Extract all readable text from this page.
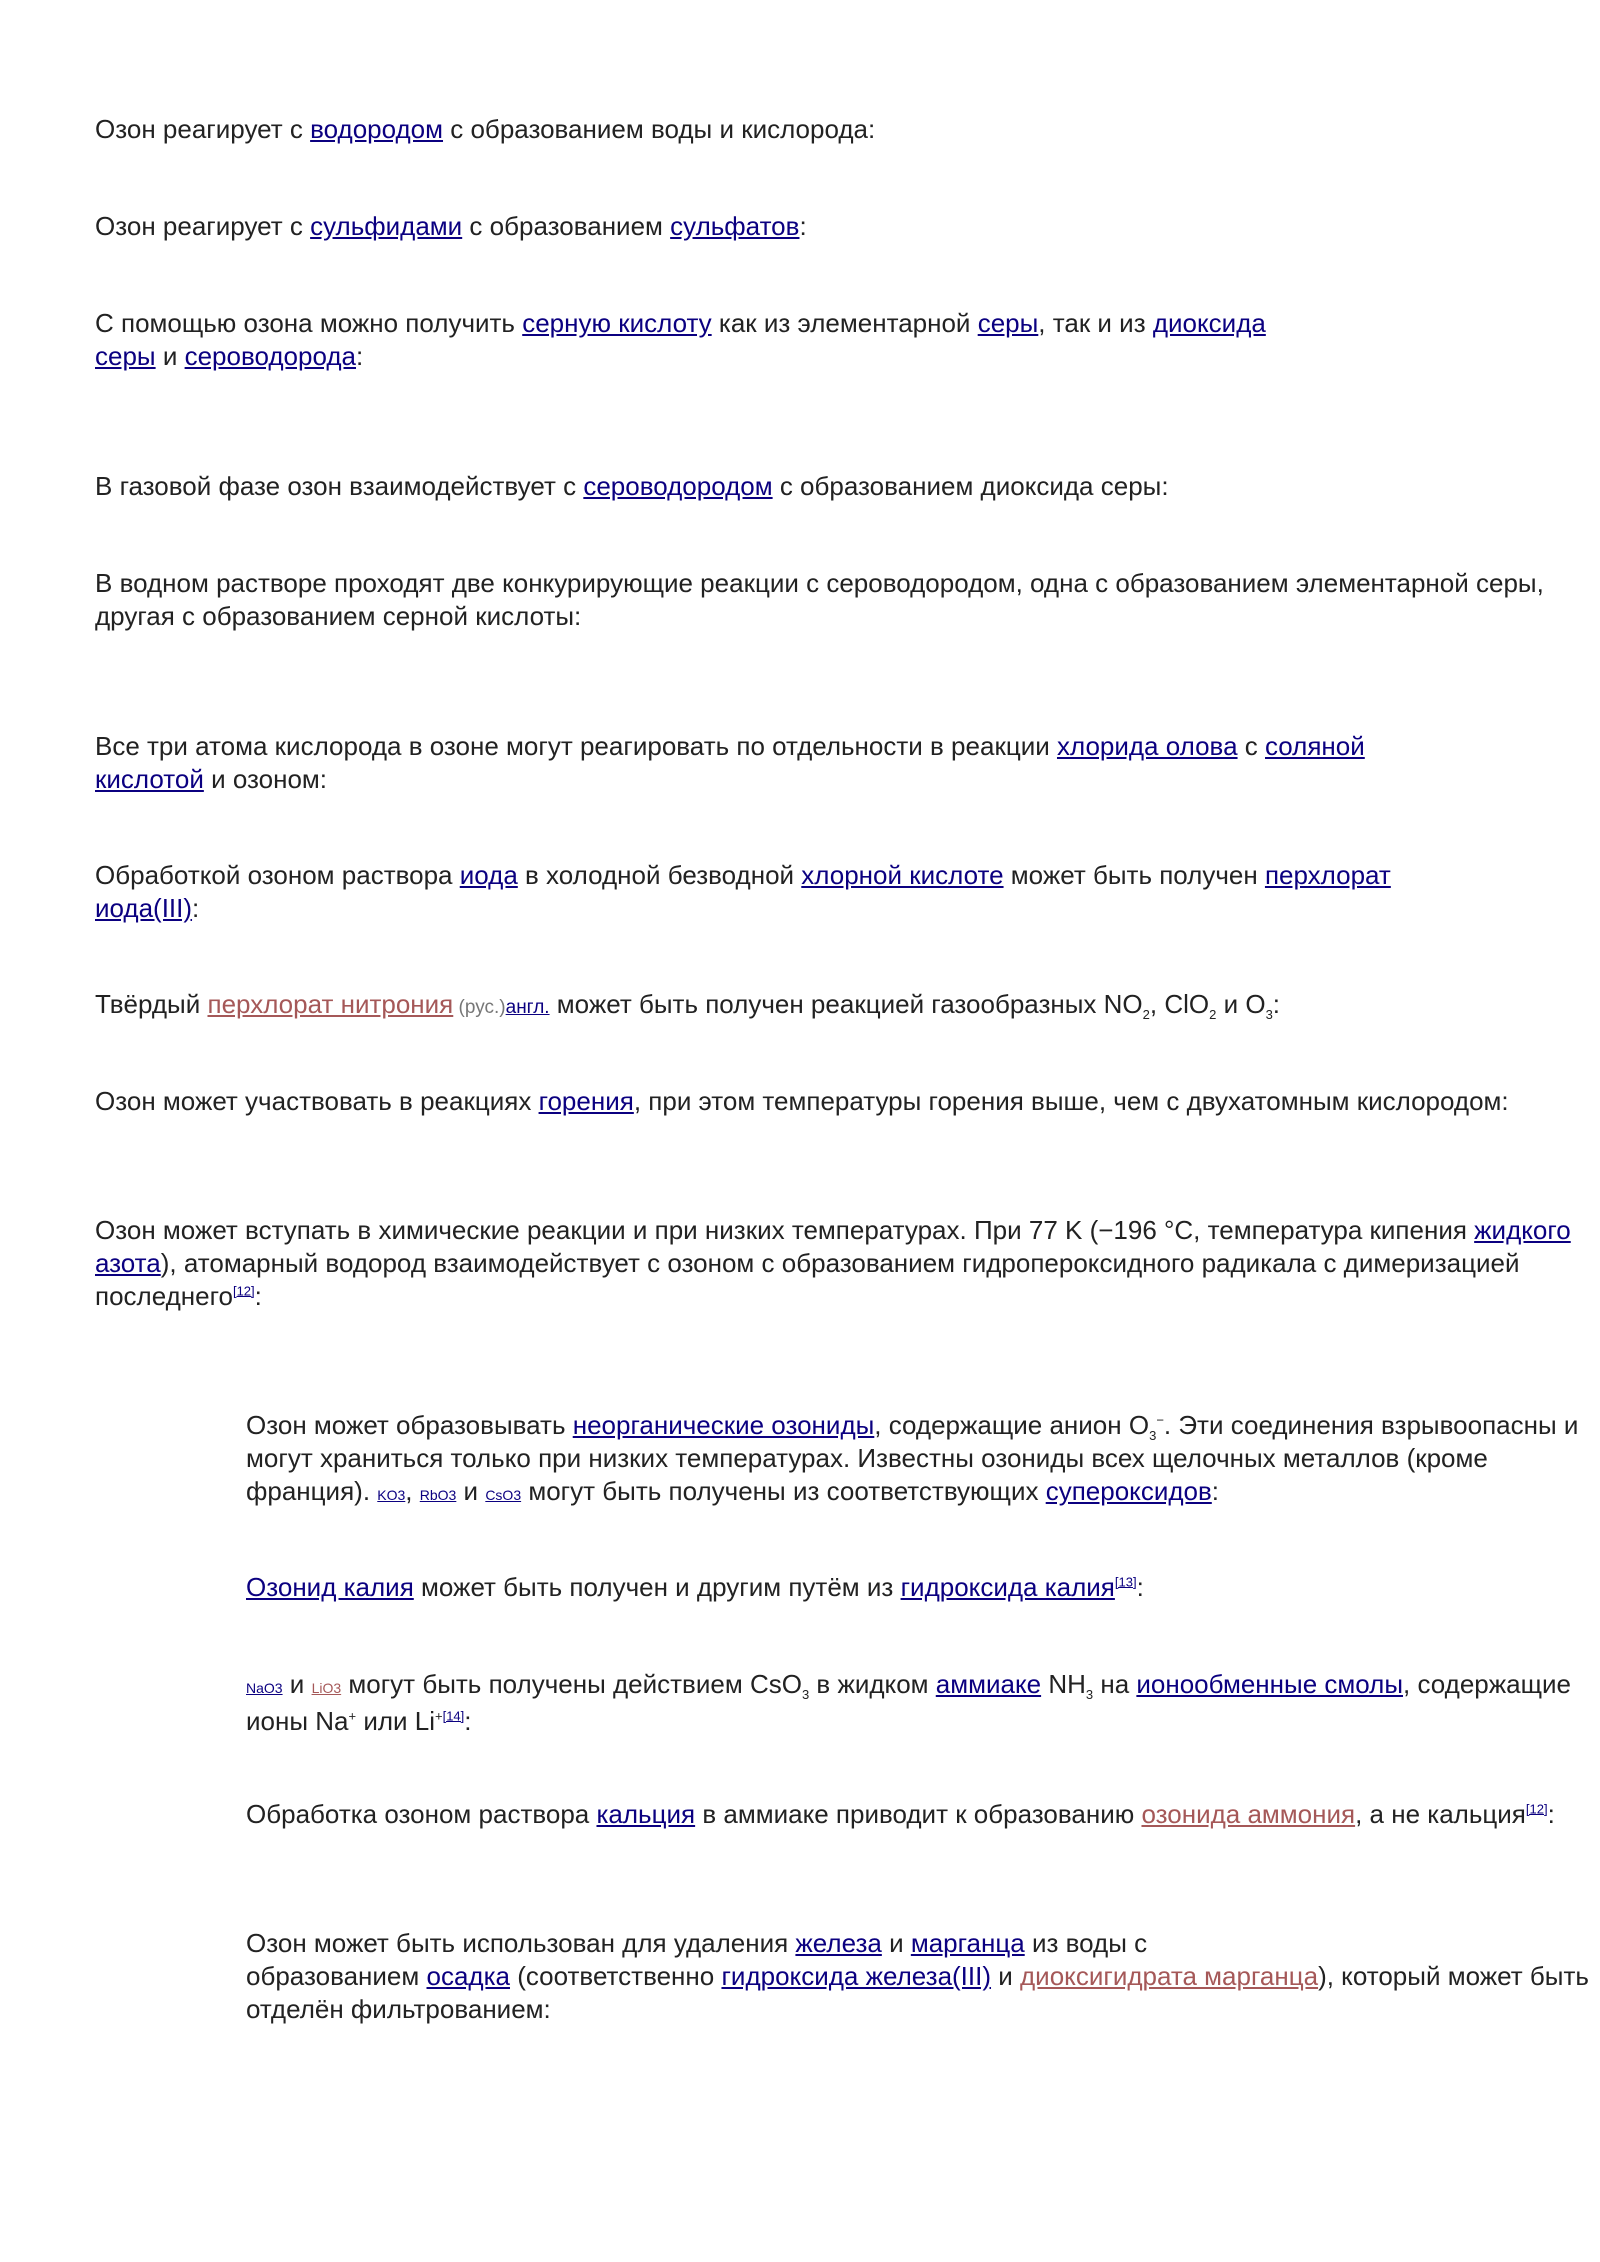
Озон реагирует с водородом с образованием воды и кислорода:

Озон реагирует с сульфидами с образованием сульфатов:

С помощью озона можно получить серную кислоту как из элементарной серы, так и из диоксида
серы и сероводорода:

В газовой фазе озон взаимодействует с сероводородом с образованием диоксида серы:

В водном растворе проходят две конкурирующие реакции с сероводородом, одна с образованием элементарной серы, другая с образованием серной кислоты:

Все три атома кислорода в озоне могут реагировать по отдельности в реакции хлорида олова с соляной
кислотой и озоном:

Обработкой озоном раствора иода в холодной безводной хлорной кислоте может быть получен перхлорат
иода(III):

Твёрдый перхлорат нитрония (рус.)англ. может быть получен реакцией газообразных $NO_2$, ClO$_2$ и $O_3$:

Озон может участвовать в реакциях горения, при этом температуры горения выше, чем с двухатомным кислородом:

Озон может вступать в химические реакции и при низких температурах. При 77 K (−196 °C, температура кипения жидкого азота), атомарный водород взаимодействует с озоном с образованием гидропероксидного радикала с димеризацией последнего[12]:

Озон может образовывать неорганические озониды, содержащие анион $O_3^-$. Эти соединения взрывоопасны и могут храниться только при низких температурах. Известны озониды всех щелочных металлов (кроме франция). KO3, RbO3 и CsO3 могут быть получены из соответствующих супероксидов:

Озонид калия может быть получен и другим путём из гидроксида калия[13]:

NaO3 и LiO3 могут быть получены действием CsO$_3$ в жидком аммиаке $NH_3$ на ионообменные смолы, содержащие ионы Na+ или Li$^{+[14]}$:

Обработка озоном раствора кальция в аммиаке приводит к образованию озонида аммония, а не кальция[12]:

Озон может быть использован для удаления железа и марганца из воды с
образованием осадка (соответственно гидроксида железа(III) и диоксигидрата марганца), который может быть отделён фильтрованием:
